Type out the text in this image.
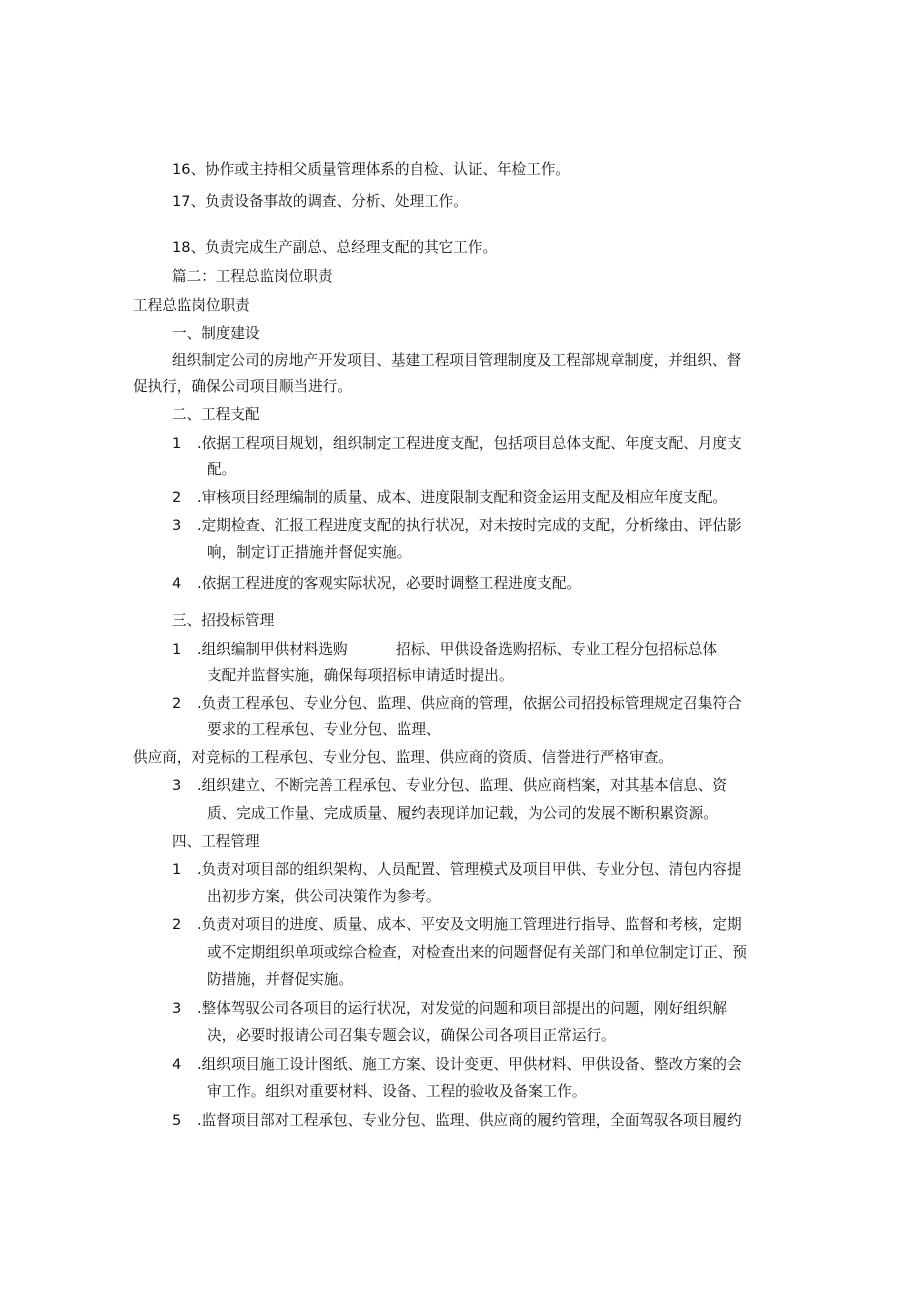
16、协作或主持相父质量管理体系的自检、认证、年检工作。
17、负责设备事故的调查、分析、处理工作。
18、负责完成生产副总、总经理支配的其它工作。
篇二：工程总监岗位职责
工程总监岗位职责
一、制度建设
组织制定公司的房地产开发项目、基建工程项目管理制度及工程部规章制度，并组织、督
促执行，确保公司项目顺当进行。
二、工程支配
1 .依据工程项目规划，组织制定工程进度支配，包括项目总体支配、年度支配、月度支
配。
2 .审核项目经理编制的质量、成本、进度限制支配和资金运用支配及相应年度支配。
3 .定期检查、汇报工程进度支配的执行状况，对未按时完成的支配，分析缘由、评估影
响，制定订正措施并督促实施。
4 .依据工程进度的客观实际状况，必要时调整工程进度支配。
三、招投标管理
1 .组织编制甲供材料选购	招标、甲供设备选购招标、专业工程分包招标总体
支配并监督实施，确保每项招标申请适时提出。
2 .负责工程承包、专业分包、监理、供应商的管理，依据公司招投标管理规定召集符合
要求的工程承包、专业分包、监理、
供应商，对竞标的工程承包、专业分包、监理、供应商的资质、信誉进行严格审查。
3 .组织建立、不断完善工程承包、专业分包、监理、供应商档案，对其基本信息、资
质、完成工作量、完成质量、履约表现详加记载，为公司的发展不断积累资源。
四、工程管理
1 .负责对项目部的组织架构、人员配置、管理模式及项目甲供、专业分包、清包内容提
出初步方案，供公司决策作为参考。
2 .负责对项目的进度、质量、成本、平安及文明施工管理进行指导、监督和考核，定期
或不定期组织单项或综合检查，对检查出来的问题督促有关部门和单位制定订正、预
防措施，并督促实施。
3 .整体驾驭公司各项目的运行状况，对发觉的问题和项目部提出的问题，刚好组织解
决，必要时报请公司召集专题会议，确保公司各项目正常运行。
4 .组织项目施工设计图纸、施工方案、设计变更、甲供材料、甲供设备、整改方案的会
审工作。组织对重要材料、设备、工程的验收及备案工作。
5 .监督项目部对工程承包、专业分包、监理、供应商的履约管理，全面驾驭各项目履约
